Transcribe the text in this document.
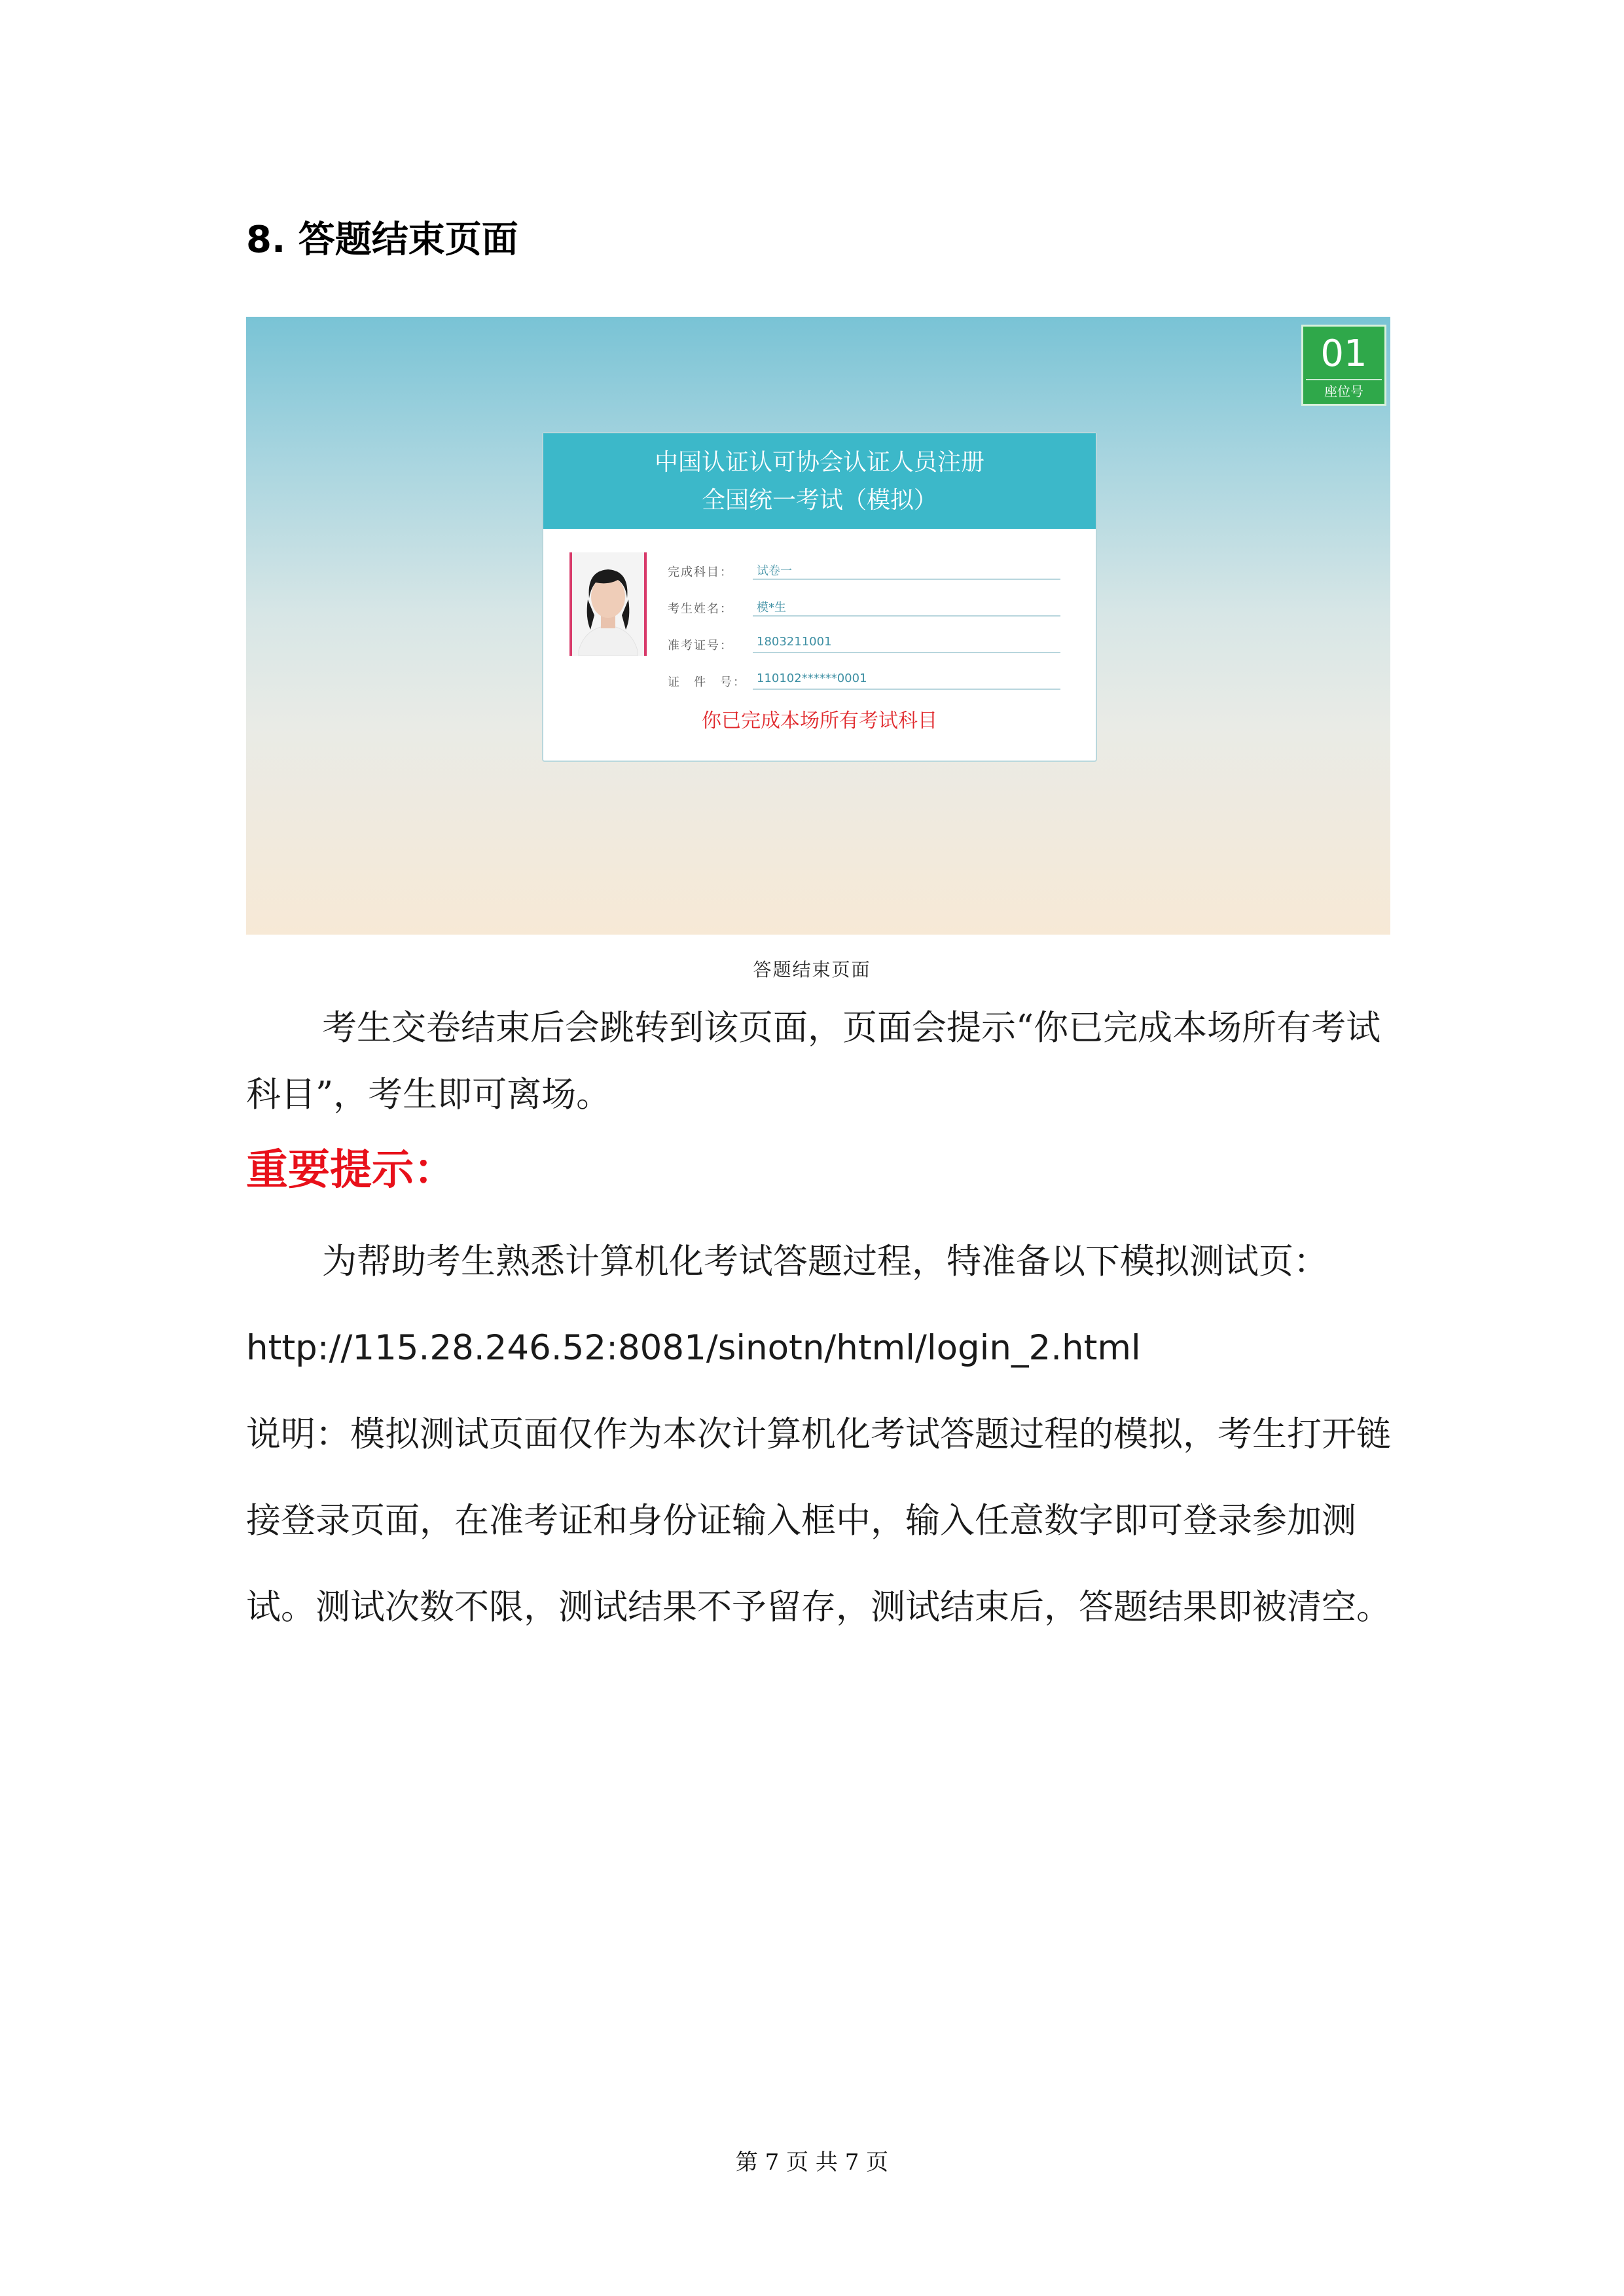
8. 答题结束页面
01
座位号
中国认证认可协会认证人员注册
全国统一考试（模拟）
完成科目： 试卷一
考生姓名： 模*生
准考证号： 1803211001
证　件　号： 110102******0001
你已完成本场所有考试科目
答题结束页面
考生交卷结束后会跳转到该页面，页面会提示“你已完成本场所有考试科目”，考生即可离场。
重要提示：
为帮助考生熟悉计算机化考试答题过程，特准备以下模拟测试页：http://115.28.246.52:8081/sinotn/html/login_2.html
说明：模拟测试页面仅作为本次计算机化考试答题过程的模拟，考生打开链接登录页面，在准考证和身份证输入框中，输入任意数字即可登录参加测试。测试次数不限，测试结果不予留存，测试结束后，答题结果即被清空。
第 7 页 共 7 页
